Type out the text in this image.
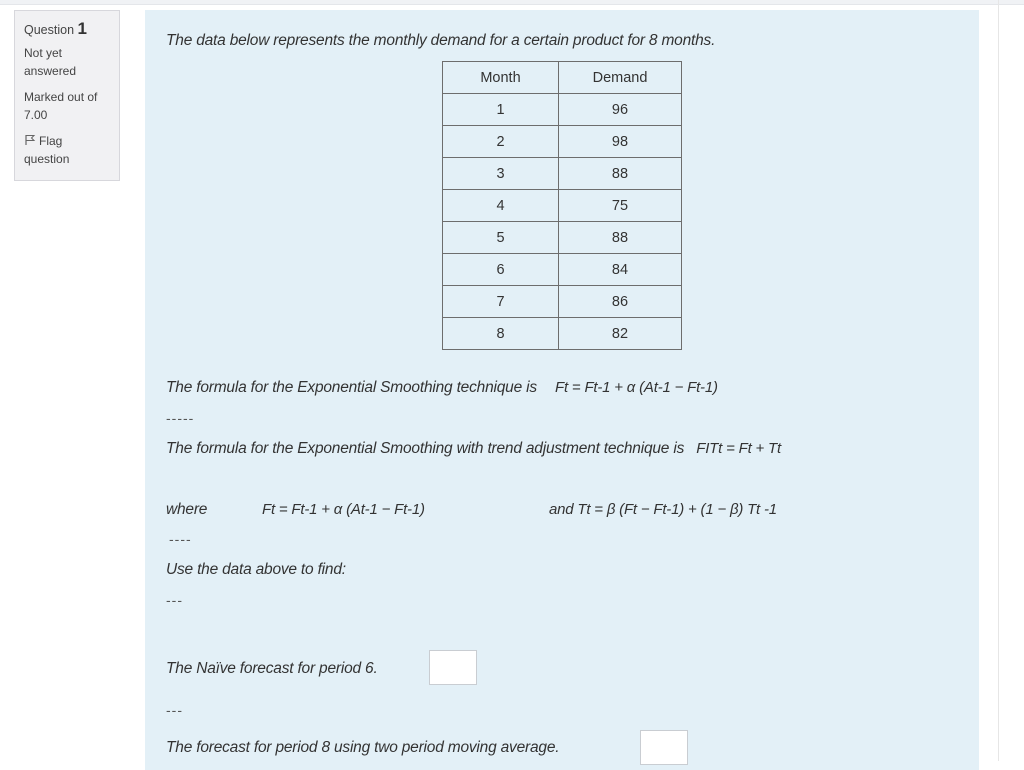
Question 1
Not yet answered
Marked out of 7.00
Flag question
The data below represents the monthly demand for a certain product for 8 months.
Month	Demand
1	96
2	98
3	88
4	75
5	88
6	84
7	86
8	82
The formula for the Exponential Smoothing technique is Ft = Ft-1 + α (At-1 − Ft-1)
-----
The formula for the Exponential Smoothing with trend adjustment technique is FITt = Ft + Tt
where	Ft = Ft-1 + α (At-1 − Ft-1)	and Tt = β (Ft − Ft-1) + (1 − β) Tt -1
----
Use the data above to find:
---
The Naïve forecast for period 6.
---
The forecast for period 8 using two period moving average.
